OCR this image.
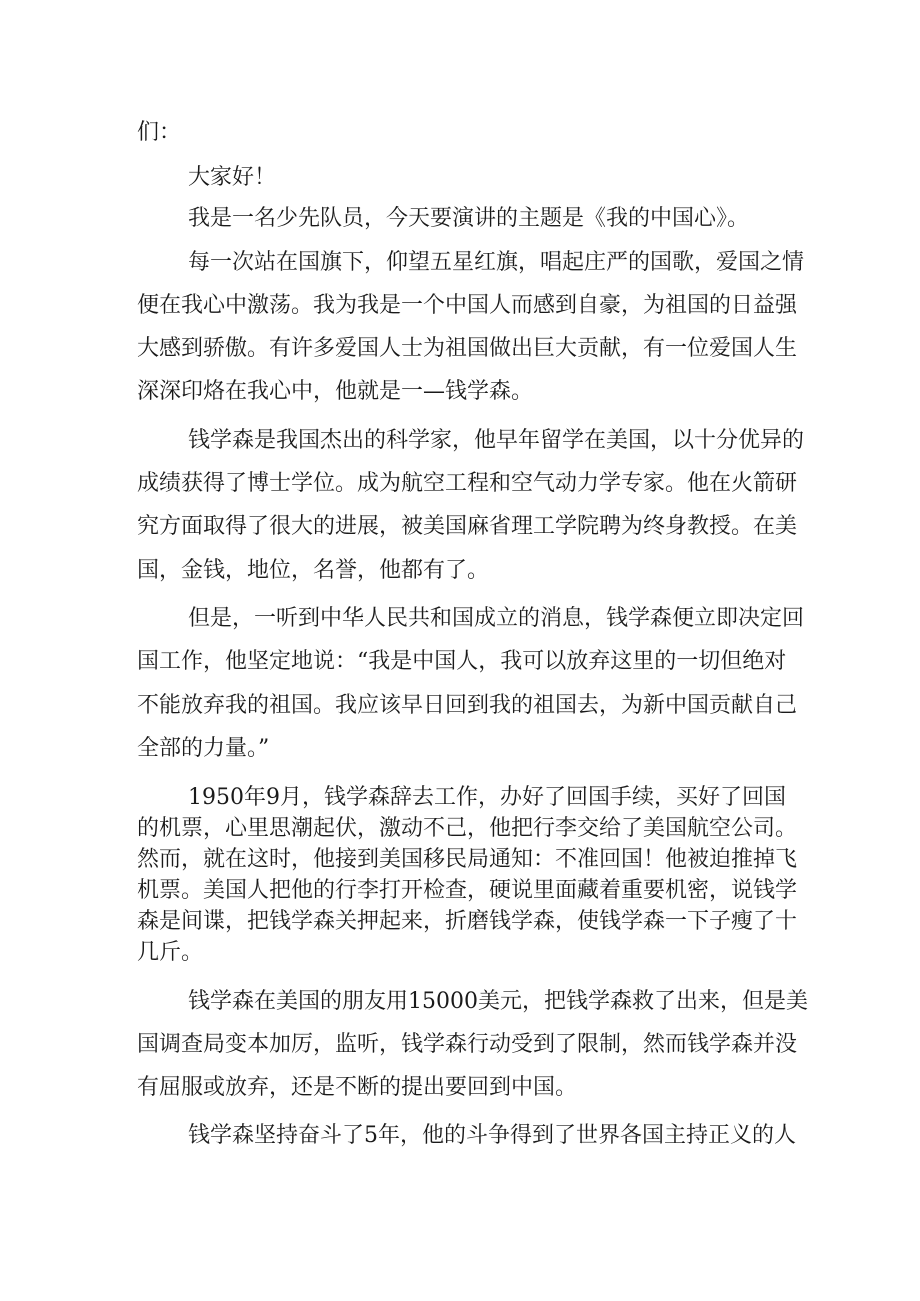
们：
大家好！
我是一名少先队员，今天要演讲的主题是《我的中国心》。
每一次站在国旗下，仰望五星红旗，唱起庄严的国歌，爱国之情
便在我心中激荡。我为我是一个中国人而感到自豪，为祖国的日益强
大感到骄傲。有许多爱国人士为祖国做出巨大贡献，有一位爱国人生
深深印烙在我心中，他就是一—钱学森。
钱学森是我国杰出的科学家，他早年留学在美国，以十分优异的
成绩获得了博士学位。成为航空工程和空气动力学专家。他在火箭研
究方面取得了很大的进展，被美国麻省理工学院聘为终身教授。在美
国，金钱，地位，名誉，他都有了。
但是，一听到中华人民共和国成立的消息，钱学森便立即决定回
国工作，他坚定地说：“我是中国人，我可以放弃这里的一切但绝对
不能放弃我的祖国。我应该早日回到我的祖国去，为新中国贡献自己
全部的力量。”
1950年9月，钱学森辞去工作，办好了回国手续，买好了回国
的机票，心里思潮起伏，激动不己，他把行李交给了美国航空公司。
然而，就在这时，他接到美国移民局通知：不准回国！他被迫推掉飞
机票。美国人把他的行李打开检查，硬说里面藏着重要机密，说钱学
森是间谍，把钱学森关押起来，折磨钱学森，使钱学森一下子瘦了十
几斤。
钱学森在美国的朋友用15000美元，把钱学森救了出来，但是美
国调查局变本加厉，监听，钱学森行动受到了限制，然而钱学森并没
有屈服或放弃，还是不断的提出要回到中国。
钱学森坚持奋斗了5年，他的斗争得到了世界各国主持正义的人
